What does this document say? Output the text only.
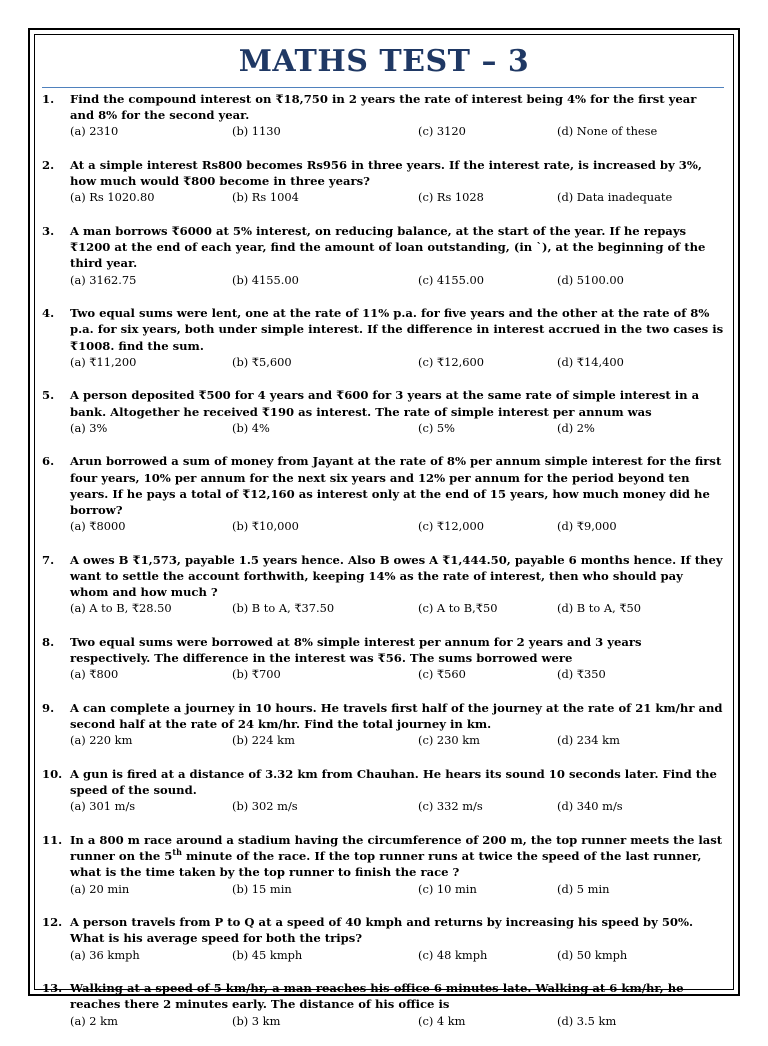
MATHS TEST – 3
1.	Find the compound interest on ₹18,750 in 2 years the rate of interest being 4% for the first year and 8% for the second year.
(a) 2310	(b) 1130	(c) 3120	(d) None of these
2.	At a simple interest Rs800 becomes Rs956 in three years. If the interest rate, is increased by 3%, how much would ₹800 become in three years?
(a) Rs 1020.80	(b) Rs 1004	(c) Rs 1028	(d) Data inadequate
3.	A man borrows ₹6000 at 5% interest, on reducing balance, at the start of the year. If he repays ₹1200 at the end of each year, find the amount of loan outstanding, (in `), at the beginning of the third year.
(a) 3162.75	(b) 4155.00	(c) 4155.00	(d) 5100.00
4.	Two equal sums were lent, one at the rate of 11% p.a. for five years and the other at the rate of 8% p.a. for six years, both under simple interest. If the difference in interest accrued in the two cases is ₹1008. find the sum.
(a) ₹11,200	(b) ₹5,600	(c) ₹12,600	(d) ₹14,400
5.	A person deposited ₹500 for 4 years and ₹600 for 3 years at the same rate of simple interest in a bank. Altogether he received ₹190 as interest. The rate of simple interest per annum was
(a) 3%	(b) 4%	(c) 5%	(d) 2%
6.	Arun borrowed a sum of money from Jayant at the rate of 8% per annum simple interest for the first four years, 10% per annum for the next six years and 12% per annum for the period beyond ten years. If he pays a total of ₹12,160 as interest only at the end of 15 years, how much money did he borrow?
(a) ₹8000	(b) ₹10,000	(c) ₹12,000	(d) ₹9,000
7.	A owes B ₹1,573, payable 1.5 years hence. Also B owes A ₹1,444.50, payable 6 months hence. If they want to settle the account forthwith, keeping 14% as the rate of interest, then who should pay whom and how much ?
(a) A to B, ₹28.50	(b) B to A, ₹37.50	(c) A to B,₹50	(d) B to A, ₹50
8.	Two equal sums were borrowed at 8% simple interest per annum for 2 years and 3 years respectively. The difference in the interest was ₹56. The sums borrowed were
(a) ₹800	(b) ₹700	(c) ₹560	(d) ₹350
9.	A can complete a journey in 10 hours. He travels first half of the journey at the rate of 21 km/hr and second half at the rate of 24 km/hr. Find the total journey in km.
(a) 220 km	(b) 224 km	(c) 230 km	(d) 234 km
10. A gun is fired at a distance of 3.32 km from Chauhan. He hears its sound 10 seconds later. Find the speed of the sound.
(a) 301 m/s	(b) 302 m/s	(c) 332 m/s	(d) 340 m/s
11. In a 800 m race around a stadium having the circumference of 200 m, the top runner meets the last runner on the 5th minute of the race. If the top runner runs at twice the speed of the last runner, what is the time taken by the top runner to finish the race ?
(a) 20 min	(b) 15 min	(c) 10 min	(d) 5 min
12. A person travels from P to Q at a speed of 40 kmph and returns by increasing his speed by 50%. What is his average speed for both the trips?
(a) 36 kmph	(b) 45 kmph	(c) 48 kmph	(d) 50 kmph
13. Walking at a speed of 5 km/hr, a man reaches his office 6 minutes late. Walking at 6 km/hr, he reaches there 2 minutes early. The distance of his office is
(a) 2 km	(b) 3 km	(c) 4 km	(d) 3.5 km
